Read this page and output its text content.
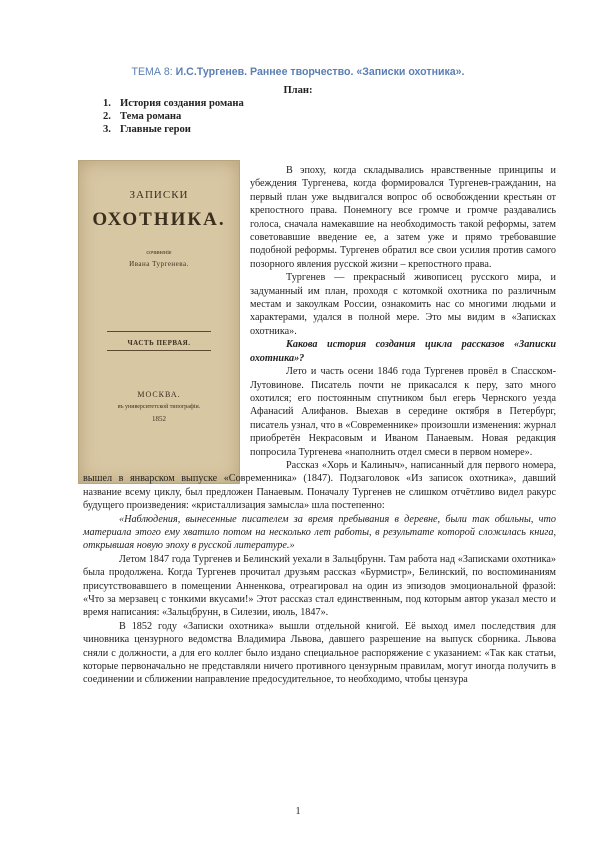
ТЕМА 8: И.С.Тургенев. Раннее творчество. «Записки охотника».
План:
1. История создания романа
2. Тема романа
3. Главные герои
ЗАПИСКИ
ОХОТНИКА.
сочиненіе
Ивана Тургенева.
ЧАСТЬ ПЕРВАЯ.
МОСКВА.
въ университетской типографіи.
1852

В эпоху, когда складывались нравственные принципы и убеждения Тургенева, когда формировался Тургенев-гражданин, на первый план уже выдвигался вопрос об освобождении крестьян от крепостного права. Понемногу все громче и громче раздавались голоса, сначала намекавшие на необходимость такой реформы, затем советовавшие введение ее, а затем уже и прямо требовавшие подобной реформы. Тургенев обратил все свои усилия против самого позорного явления русской жизни – крепостного права.

Тургенев — прекрасный живописец русского мира, и задуманный им план, проходя с котомкой охотника по различным местам и закоулкам России, ознакомить нас со многими людьми и характерами, удался в полной мере. Это мы видим в «Записках охотника».

Какова история создания цикла рассказов «Записки охотника»?

Лето и часть осени 1846 года Тургенев провёл в Спасском-Лутовинове. Писатель почти не прикасался к перу, зато много охотился; его постоянным спутником был егерь Чернского уезда Афанасий Алифанов. Выехав в середине октября в Петербург, писатель узнал, что в «Современнике» произошли изменения: журнал приобретён Некрасовым и Иваном Панаевым. Новая редакция попросила Тургенева «наполнить отдел смеси в первом номере».

Рассказ «Хорь и Калиныч», написанный для первого номера, вышел в январском выпуске «Современника» (1847). Подзаголовок «Из записок охотника», давший название всему циклу, был предложен Панаевым. Поначалу Тургенев не слишком отчётливо видел ракурс будущего произведения: «кристаллизация замысла» шла постепенно:

«Наблюдения, вынесенные писателем за время пребывания в деревне, были так обильны, что материала этого ему хватило потом на несколько лет работы, в результате которой сложилась книга, открывшая новую эпоху в русской литературе.»

Летом 1847 года Тургенев и Белинский уехали в Зальцбрунн. Там работа над «Записками охотника» была продолжена. Когда Тургенев прочитал друзьям рассказ «Бурмистр», Белинский, по воспоминаниям присутствовавшего в помещении Анненкова, отреагировал на один из эпизодов эмоциональной фразой: «Что за мерзавец с тонкими вкусами!» Этот рассказ стал единственным, под которым автор указал место и время написания: «Зальцбрунн, в Силезии, июль, 1847».

В 1852 году «Записки охотника» вышли отдельной книгой. Её выход имел последствия для чиновника цензурного ведомства Владимира Львова, давшего разрешение на выпуск сборника. Львова сняли с должности, а для его коллег было издано специальное распоряжение с указанием: «Так как статьи, которые первоначально не представляли ничего противного цензурным правилам, могут иногда получить в соединении и сближении направление предосудительное, то необходимо, чтобы цензура

1
